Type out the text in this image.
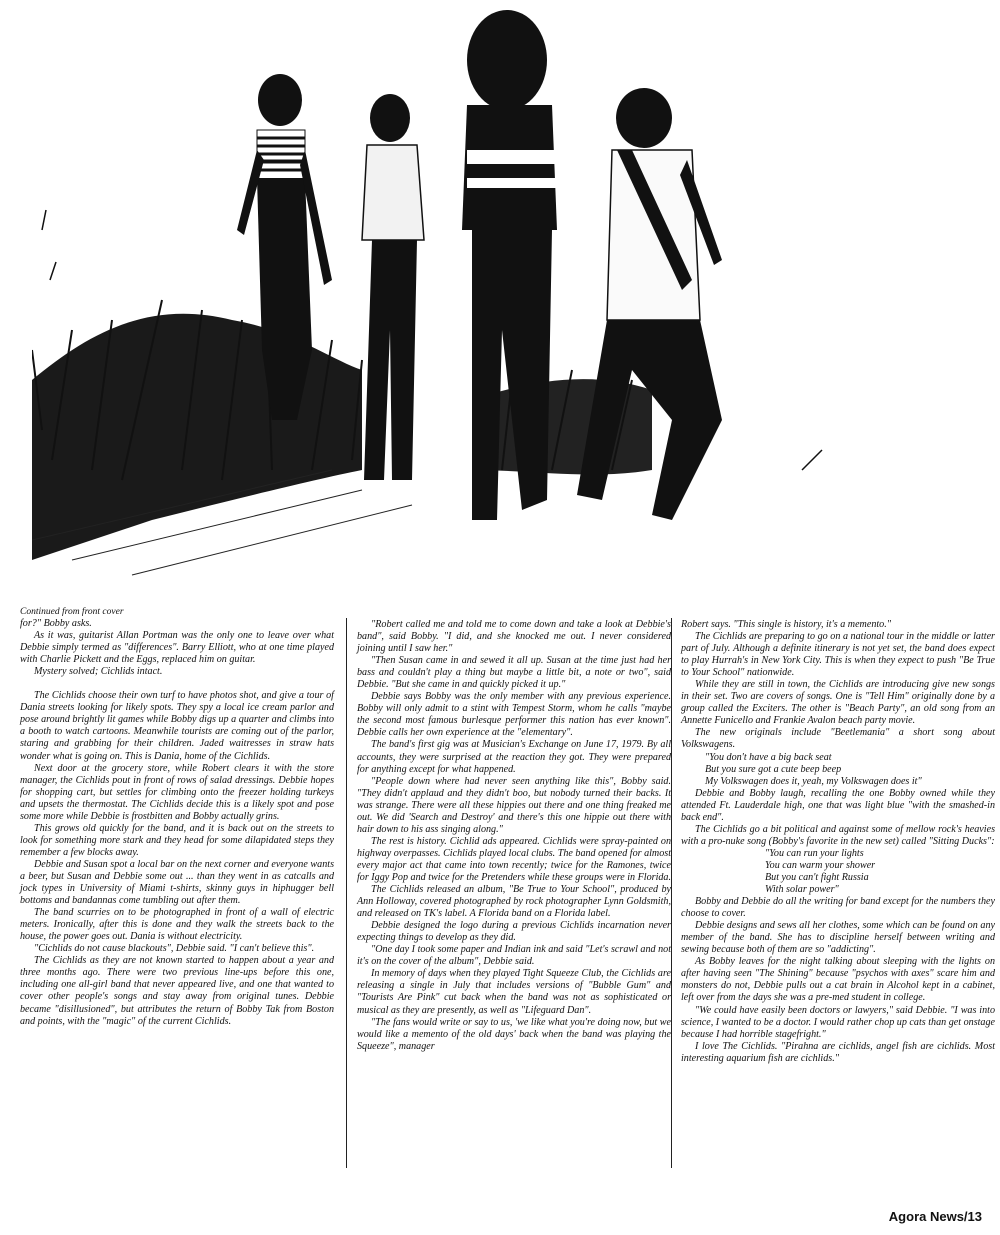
Continued from front cover

for?" Bobby asks.

As it was, guitarist Allan Portman was the only one to leave over what Debbie simply termed as "differences". Barry Elliott, who at one time played with Charlie Pickett and the Eggs, replaced him on guitar.

Mystery solved; Cichlids intact.

The Cichlids choose their own turf to have photos shot, and give a tour of Dania streets looking for likely spots. They spy a local ice cream parlor and pose around brightly lit games while Bobby digs up a quarter and climbs into a booth to watch cartoons. Meanwhile tourists are coming out of the parlor, staring and grabbing for their children. Jaded waitresses in straw hats wonder what is going on. This is Dania, home of the Cichlids.

Next door at the grocery store, while Robert clears it with the store manager, the Cichlids pout in front of rows of salad dressings. Debbie hopes for shopping cart, but settles for climbing onto the freezer holding turkeys and upsets the thermostat. The Cichlids decide this is a likely spot and pose some more while Debbie is frostbitten and Bobby actually grins.

This grows old quickly for the band, and it is back out on the streets to look for something more stark and they head for some dilapidated steps they remember a few blocks away.

Debbie and Susan spot a local bar on the next corner and everyone wants a beer, but Susan and Debbie some out ... than they went in as catcalls and jock types in University of Miami t-shirts, skinny guys in hiphugger bell bottoms and bandannas come tumbling out after them.

The band scurries on to be photographed in front of a wall of electric meters. Ironically, after this is done and they walk the streets back to the house, the power goes out. Dania is without electricity.

"Cichlids do not cause blackouts", Debbie said. "I can't believe this".

The Cichlids as they are not known started to happen about a year and three months ago. There were two previous line-ups before this one, including one all-girl band that never appeared live, and one that wanted to cover other people's songs and stay away from original tunes. Debbie became "disillusioned", but attributes the return of Bobby Tak from Boston and points, with the "magic" of the current Cichlids.

"Robert called me and told me to come down and take a look at Debbie's band", said Bobby. "I did, and she knocked me out. I never considered joining until I saw her."

"Then Susan came in and sewed it all up. Susan at the time just had her bass and couldn't play a thing but maybe a little bit, a note or two", said Debbie. "But she came in and quickly picked it up."

Debbie says Bobby was the only member with any previous experience. Bobby will only admit to a stint with Tempest Storm, whom he calls "maybe the second most famous burlesque performer this nation has ever known". Debbie calls her own experience at the "elementary".

The band's first gig was at Musician's Exchange on June 17, 1979. By all accounts, they were surprised at the reaction they got. They were prepared for anything except for what happened.

"People down where had never seen anything like this", Bobby said. "They didn't applaud and they didn't boo, but nobody turned their backs. It was strange. There were all these hippies out there and one thing freaked me out. We did 'Search and Destroy' and there's this one hippie out there with hair down to his ass singing along."

The rest is history. Cichlid ads appeared. Cichlids were spray-painted on highway overpasses. Cichlids played local clubs. The band opened for almost every major act that came into town recently; twice for the Ramones, twice for Iggy Pop and twice for the Pretenders while these groups were in Florida.

The Cichlids released an album, "Be True to Your School", produced by Ann Holloway, covered photographed by rock photographer Lynn Goldsmith, and released on TK's label. A Florida band on a Florida label.

Debbie designed the logo during a previous Cichlids incarnation never expecting things to develop as they did.

"One day I took some paper and Indian ink and said "Let's scrawl and not it's on the cover of the album", Debbie said.

In memory of days when they played Tight Squeeze Club, the Cichlids are releasing a single in July that includes versions of "Bubble Gum" and "Tourists Are Pink" cut back when the band was not as sophisticated or musical as they are presently, as well as "Lifeguard Dan".

"The fans would write or say to us, 'we like what you're doing now, but we would like a memento of the old days' back when the band was playing the Squeeze", manager

Robert says. "This single is history, it's a memento."

The Cichlids are preparing to go on a national tour in the middle or latter part of July. Although a definite itinerary is not yet set, the band does expect to play Hurrah's in New York City. This is when they expect to push "Be True to Your School" nationwide.

While they are still in town, the Cichlids are introducing give new songs in their set. Two are covers of songs. One is "Tell Him" originally done by a group called the Exciters. The other is "Beach Party", an old song from an Annette Funicello and Frankie Avalon beach party movie.

The new originals include "Beetlemania" a short song about Volkswagens.

"You don't have a big back seat

But you sure got a cute beep beep

My Volkswagen does it, yeah, my Volkswagen does it"

Debbie and Bobby laugh, recalling the one Bobby owned while they attended Ft. Lauderdale high, one that was light blue "with the smashed-in back end".

The Cichlids go a bit political and against some of mellow rock's heavies with a pro-nuke song (Bobby's favorite in the new set) called "Sitting Ducks":

"You can run your lights

You can warm your shower

But you can't fight Russia

With solar power"

Bobby and Debbie do all the writing for band except for the numbers they choose to cover.

Debbie designs and sews all her clothes, some which can be found on any member of the band. She has to discipline herself between writing and sewing because both of them are so "addicting".

As Bobby leaves for the night talking about sleeping with the lights on after having seen "The Shining" because "psychos with axes" scare him and monsters do not, Debbie pulls out a cat brain in Alcohol kept in a cabinet, left over from the days she was a pre-med student in college.

"We could have easily been doctors or lawyers," said Debbie. "I was into science, I wanted to be a doctor. I would rather chop up cats than get onstage because I had horrible stagefright."

I love The Cichlids. "Pirahna are cichlids, angel fish are cichlids. Most interesting aquarium fish are cichlids."

Agora News/13
